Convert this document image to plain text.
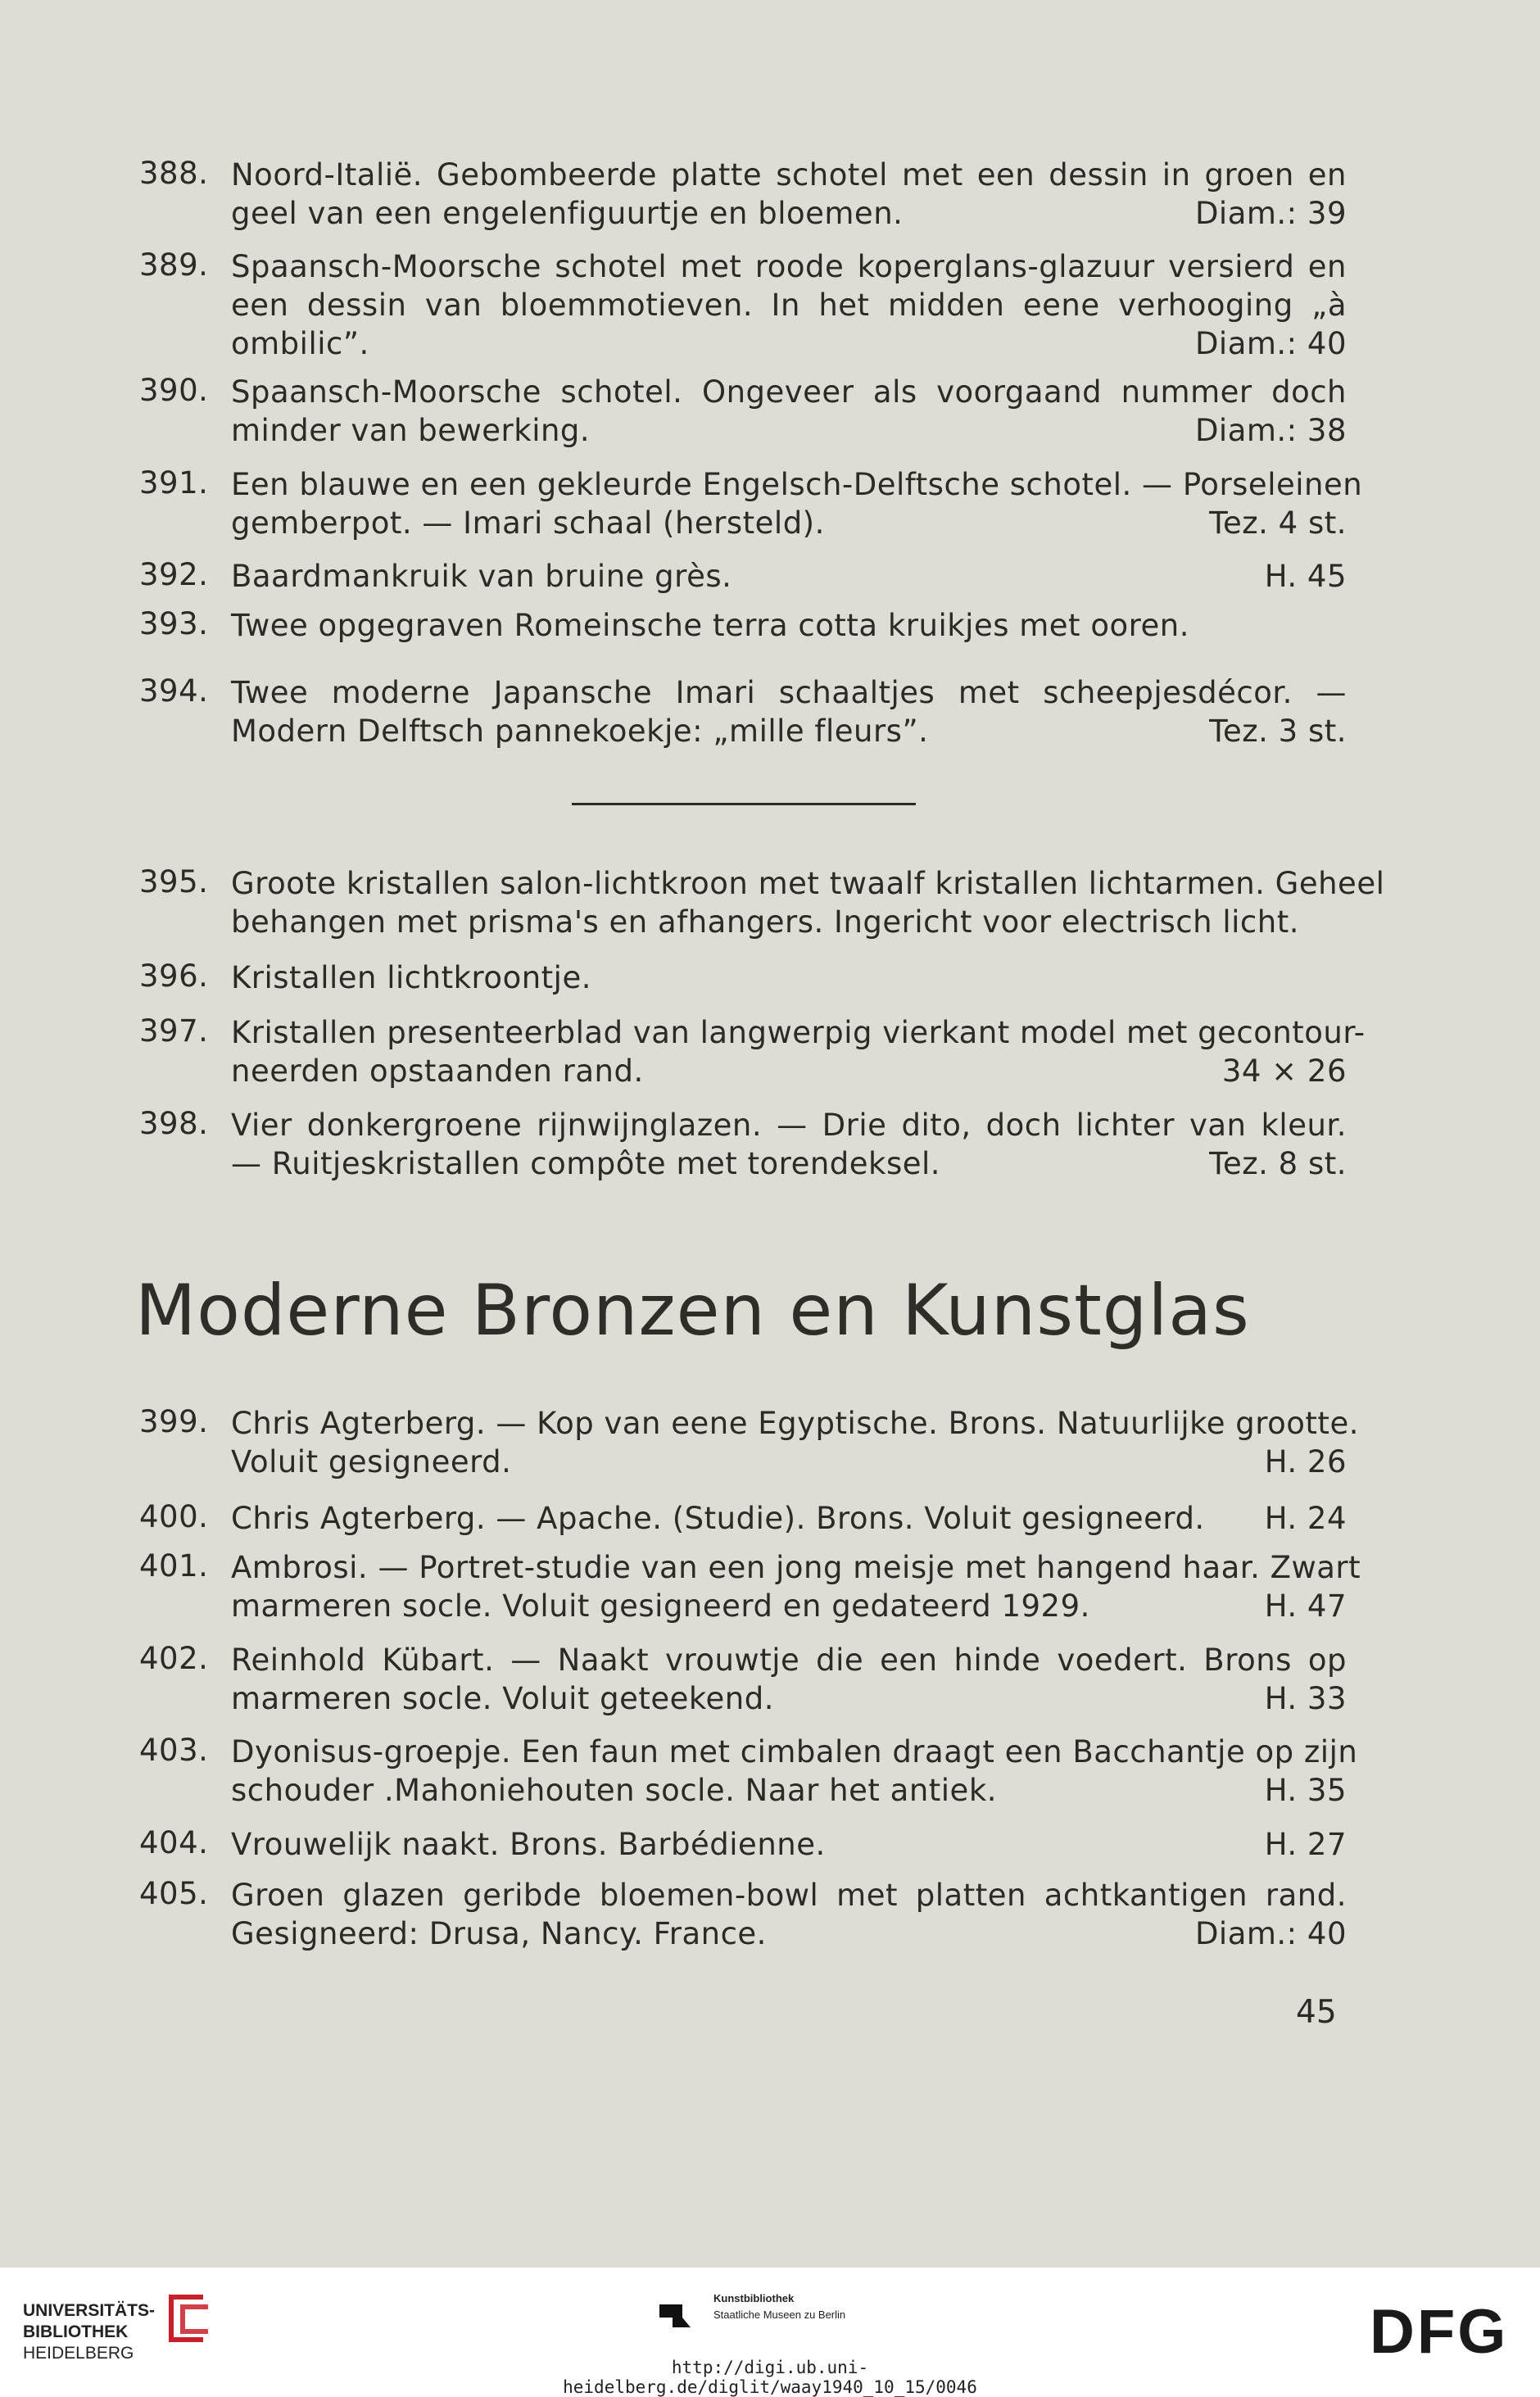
388. Noord-Italië. Gebombeerde platte schotel met een dessin in groen en
geel van een engelenfiguurtje en bloemen.	Diam.: 39
389. Spaansch-Moorsche schotel met roode koperglans-glazuur versierd en
een dessin van bloemmotieven. In het midden eene verhooging „à
ombilic”.	Diam.: 40
390. Spaansch-Moorsche schotel. Ongeveer als voorgaand nummer doch
minder van bewerking.	Diam.: 38
391. Een blauwe en een gekleurde Engelsch-Delftsche schotel. — Porseleinen
gemberpot. — Imari schaal (hersteld).	Tez. 4 st.
392. Baardmankruik van bruine grès.	H. 45
393. Twee opgegraven Romeinsche terra cotta kruikjes met ooren.
394. Twee moderne Japansche Imari schaaltjes met scheepjesdécor. —
Modern Delftsch pannekoekje: „mille fleurs”.	Tez. 3 st.
395. Groote kristallen salon-lichtkroon met twaalf kristallen lichtarmen. Geheel
behangen met prisma's en afhangers. Ingericht voor electrisch licht.
396. Kristallen lichtkroontje.
397. Kristallen presenteerblad van langwerpig vierkant model met gecontour-
neerden opstaanden rand.	34 × 26
398. Vier donkergroene rijnwijnglazen. — Drie dito, doch lichter van kleur.
— Ruitjeskristallen compôte met torendeksel.	Tez. 8 st.
Moderne Bronzen en Kunstglas
399. Chris Agterberg. — Kop van eene Egyptische. Brons. Natuurlijke grootte.
Voluit gesigneerd.	H. 26
400. Chris Agterberg. — Apache. (Studie). Brons. Voluit gesigneerd. H. 24
401. Ambrosi. — Portret-studie van een jong meisje met hangend haar. Zwart
marmeren socle. Voluit gesigneerd en gedateerd 1929.	H. 47
402. Reinhold Kübart. — Naakt vrouwtje die een hinde voedert. Brons op
marmeren socle. Voluit geteekend.	H. 33
403. Dyonisus-groepje. Een faun met cimbalen draagt een Bacchantje op zijn
schouder .Mahoniehouten socle. Naar het antiek.	H. 35
404. Vrouwelijk naakt. Brons. Barbédienne.	H. 27
405. Groen glazen geribde bloemen-bowl met platten achtkantigen rand.
Gesigneerd: Drusa, Nancy. France.	Diam.: 40
45
UNIVERSITÄTS-
BIBLIOTHEK
HEIDELBERG
Kunstbibliothek
Staatliche Museen zu Berlin	DFG
http://digi.ub.uni-heidelberg.de/diglit/waay1940_10_15/0046
